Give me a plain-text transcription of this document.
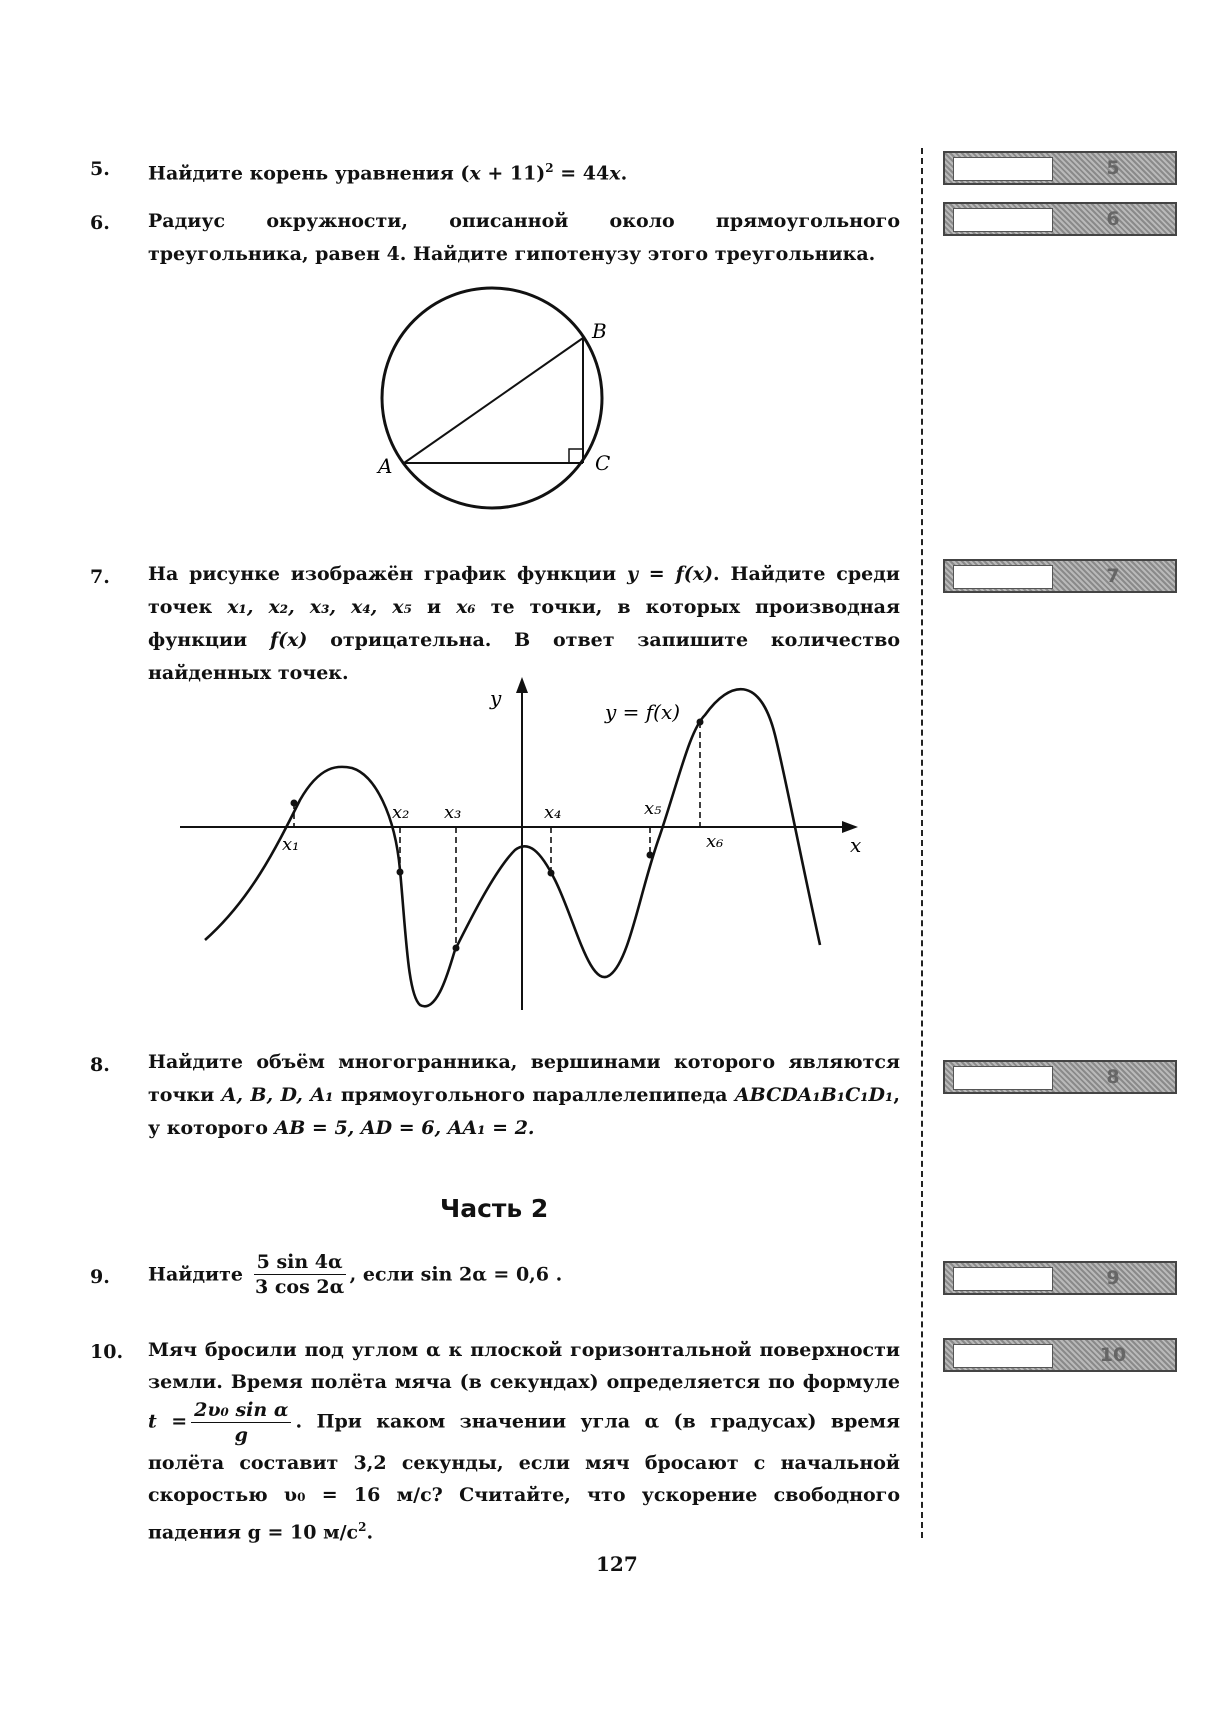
5. Найдите корень уравнения $(x + 11)^2 = 44x$.
6. Радиус окружности, описанной около прямоугольного треугольника, равен 4. Найдите гипотенузу этого треугольника.
A
B
C
7. На рисунке изображён график функции y = f(x). Найдите среди точек x₁, x₂, x₃, x₄, x₅ и x₆ те точки, в которых производная функции f(x) отрицательна. В ответ запишите количество найденных точек.
y
x
y = f(x)
x₁
x₂ x₃	x₄	x₅
x₆
8. Найдите объём многогранника, вершинами которого являются точки A, B, D, A₁ прямоугольного параллелепипеда ABCDA₁B₁C₁D₁, у которого AB = 5, AD = 6, AA₁ = 2.
Часть 2
9. Найдите $\frac{5 \sin 4\alpha}{3 \cos 2\alpha}$ , если sin 2α = 0,6 .
10. Мяч бросили под углом α к плоской горизонтальной поверхности земли. Время полёта мяча (в секундах) определяется по формуле $t = \frac{\text{2υ₀ sin α}}{g}$ . При каком значении угла α (в градусах) время полёта составит 3,2 секунды, если мяч бросают с начальной скоростью υ₀ = 16 м/с? Считайте, что ускорение свободного падения g = 10 $м/с^2$.
127
5
6
7
8
9
10
